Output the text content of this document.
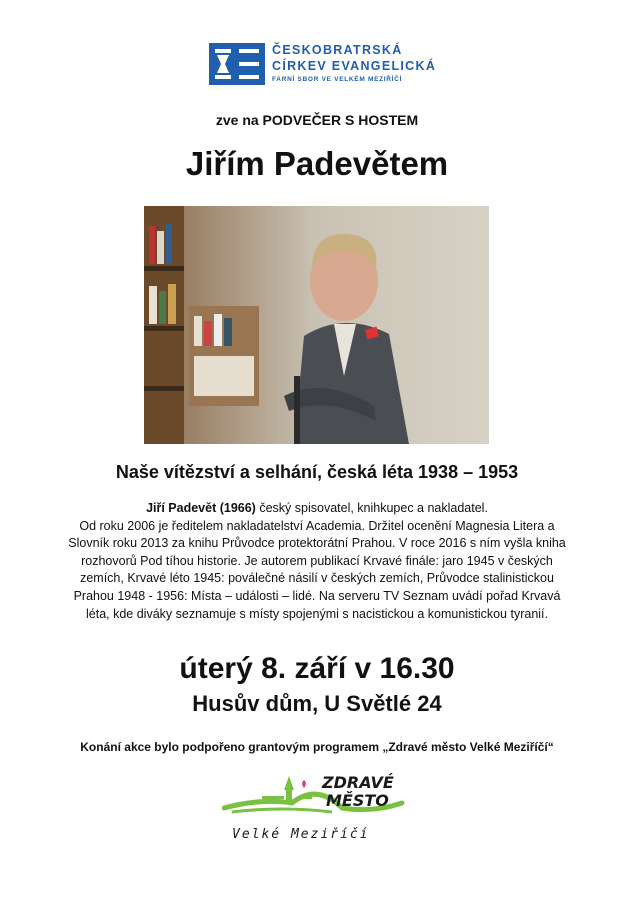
ČESKOBRATRSKÁ
CÍRKEV EVANGELICKÁ
FARNÍ SBOR VE VELKÉM MEZIŘÍČÍ
zve na PODVEČER S HOSTEM
Jiřím Padevětem
Naše vítězství a selhání, česká léta 1938 – 1953
Jiří Padevět (1966) český spisovatel, knihkupec a nakladatel.
Od roku 2006 je ředitelem nakladatelství Academia. Držitel ocenění Magnesia Litera a
Slovník roku 2013 za knihu Průvodce protektorátní Prahou. V roce 2016 s ním vyšla kniha
rozhovorů Pod tíhou historie. Je autorem publikací Krvavé finále: jaro 1945 v českých
zemích, Krvavé léto 1945: poválečné násilí v českých zemích, Průvodce stalinistickou
Prahou 1948 - 1956: Místa – události – lidé. Na serveru TV Seznam uvádí pořad Krvavá
léta, kde diváky seznamuje s místy spojenými s nacistickou a komunistickou tyranií.
úterý 8. září v 16.30
Husův dům, U Světlé 24
Konání akce bylo podpořeno grantovým programem „Zdravé město Velké Meziříčí“
ZDRAVÉ
MĚSTO
Velké Meziříčí
